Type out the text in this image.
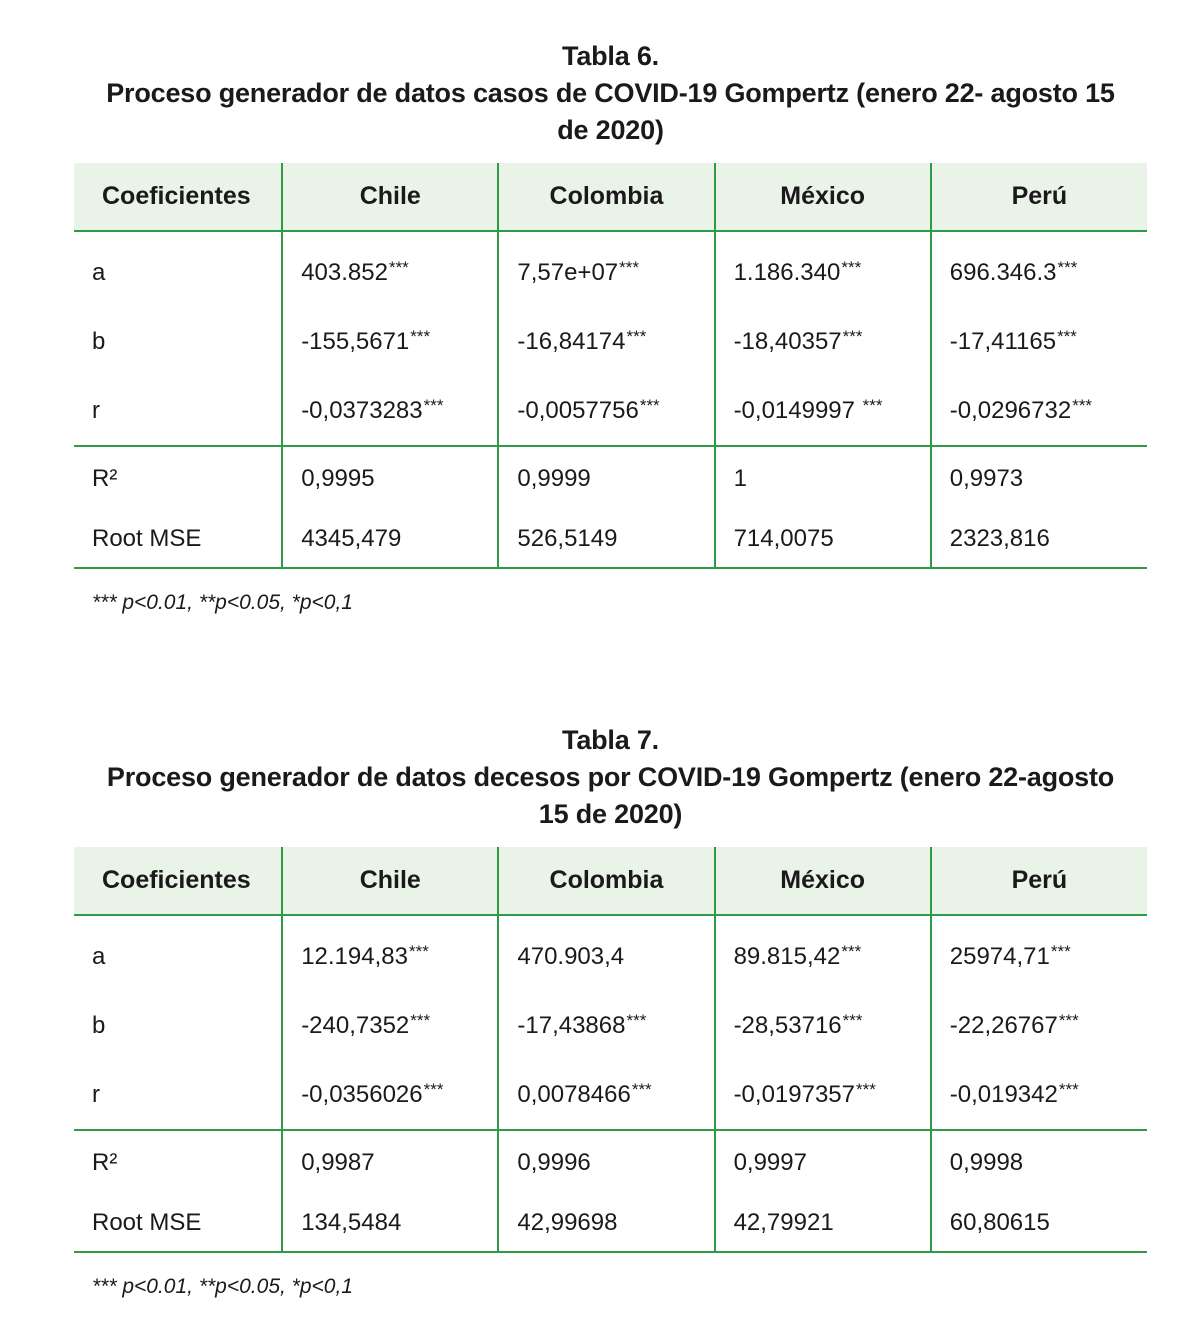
Tabla 6.
Proceso generador de datos casos de COVID-19 Gompertz (enero 22- agosto 15
de 2020)
Coeficientes	Chile	Colombia	México	Perú
a	403.852***	7,57e+07***	1.186.340***	696.346.3***
b	-155,5671***	-16,84174***	-18,40357***	-17,41165***
r	-0,0373283***	-0,0057756***	-0,0149997 ***	-0,0296732***
R²	0,9995	0,9999	1	0,9973
Root MSE	4345,479	526,5149	714,0075	2323,816

*** p<0.01, **p<0.05, *p<0,1

Tabla 7.
Proceso generador de datos decesos por COVID-19 Gompertz (enero 22-agosto
15 de 2020)
Coeficientes	Chile	Colombia	México	Perú
a	12.194,83***	470.903,4	89.815,42***	25974,71***
b	-240,7352***	-17,43868***	-28,53716***	-22,26767***
r	-0,0356026***	0,0078466***	-0,0197357***	-0,019342***
R²	0,9987	0,9996	0,9997	0,9998
Root MSE	134,5484	42,99698	42,79921	60,80615

*** p<0.01, **p<0.05, *p<0,1
